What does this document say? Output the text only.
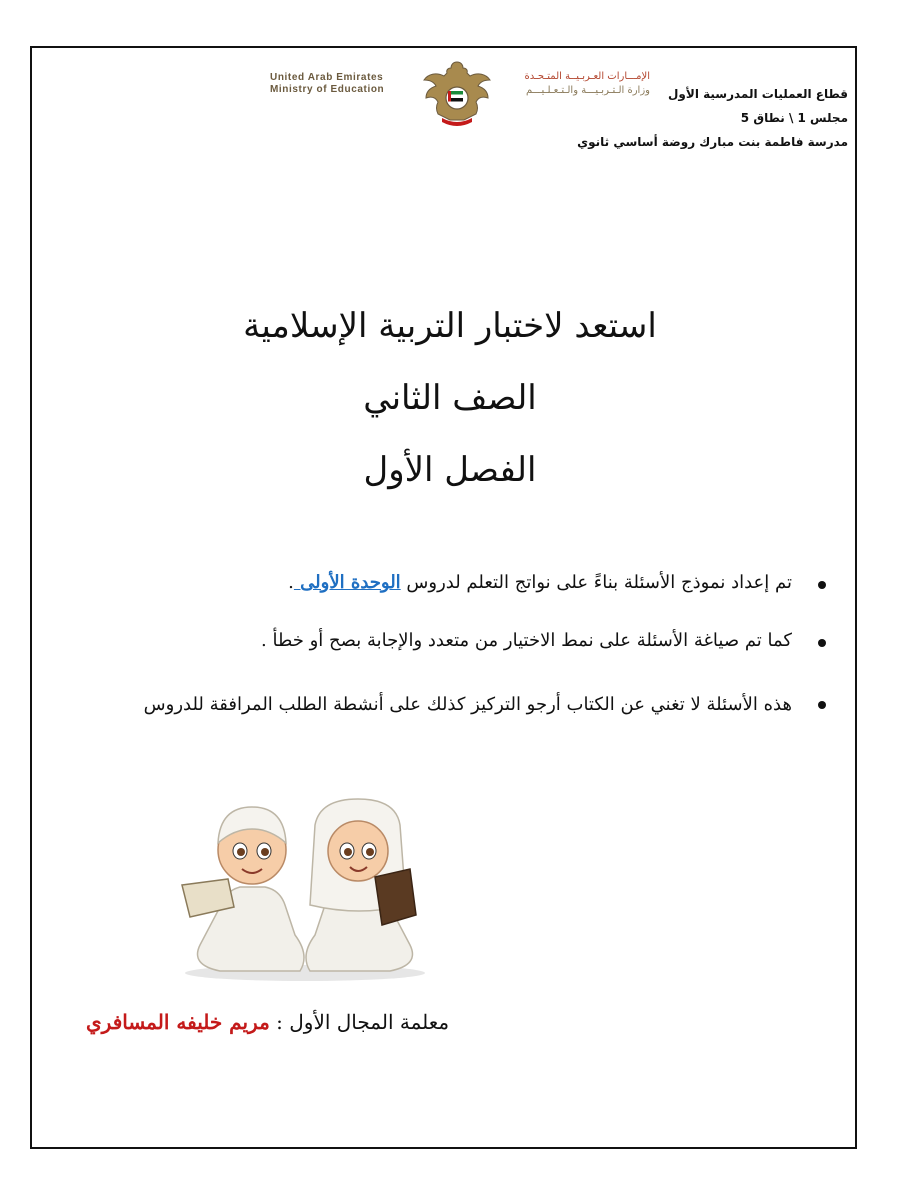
قطاع العمليات المدرسية الأول
مجلس 1 \ نطاق 5
مدرسة فاطمة بنت مبارك روضة أساسي ثانوي
United Arab Emirates
Ministry of Education
الإمـــارات العـربـيــة المتـحـدة
وزارة الـتـربـيـــة والـتـعـلـيـــم
استعد لاختبار التربية الإسلامية
الصف الثاني
الفصل الأول
تم إعداد نموذج الأسئلة بناءً على نواتج التعلم لدروس الوحدة الأولى .
كما تم صياغة الأسئلة على نمط الاختيار من متعدد والإجابة بصح أو خطأ .
هذه الأسئلة لا تغني عن الكتاب أرجو التركيز كذلك على أنشطة الطلب المرافقة للدروس
معلمة المجال الأول : مريم خليفه المسافري
